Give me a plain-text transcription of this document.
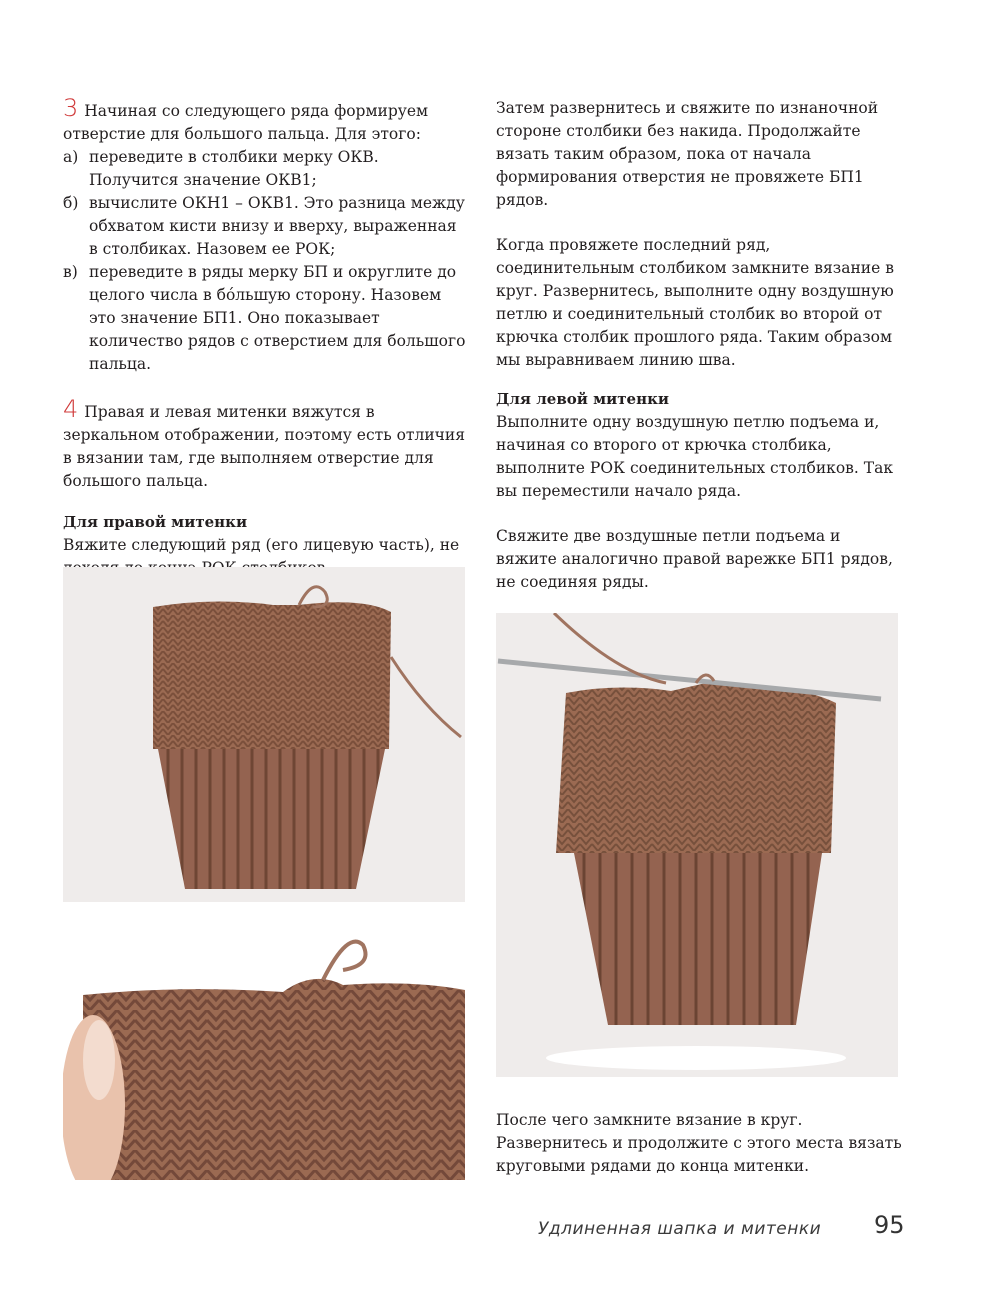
3 Начиная со следующего ряда формируем отверстие для большого пальца. Для этого:

а) переведите в столбики мерку ОКВ. Получится значение ОКВ1;
б) вычислите ОКН1 – ОКВ1. Это разница между обхватом кисти внизу и вверху, выраженная в столбиках. Назовем ее РОК;
в) переведите в ряды мерку БП и округлите до целого числа в бóльшую сторону. Назовем это значение БП1. Оно показывает количество рядов с отверстием для большого пальца.

4 Правая и левая митенки вяжутся в зеркальном отображении, поэтому есть отличия в вязании там, где выполняем отверстие для большого пальца.

Для правой митенки

Вяжите следующий ряд (его лицевую часть), не

Затем развернитесь и свяжите по изнаночной стороне столбики без накида. Продолжайте вязать таким образом, пока от начала формирования отверстия не провяжете БП1 рядов.

Когда провяжете последний ряд, соединительным столбиком замкните вязание в круг. Развернитесь, выполните одну воздушную петлю и соединительный столбик во второй от крючка столбик прошлого ряда. Таким образом мы выравниваем линию шва.

Для левой митенки

Выполните одну воздушную петлю подъема и, начиная со второго от крючка столбика, выполните РОК соединительных столбиков. Так вы переместили начало ряда.

Свяжите две воздушные петли подъема и вяжите аналогично правой варежке БП1 рядов, не соединяя ряды.

После чего замкните вязание в круг. Развернитесь и продолжите с этого места вязать круговыми рядами до конца митенки.

Удлиненная шапка и митенки 95
